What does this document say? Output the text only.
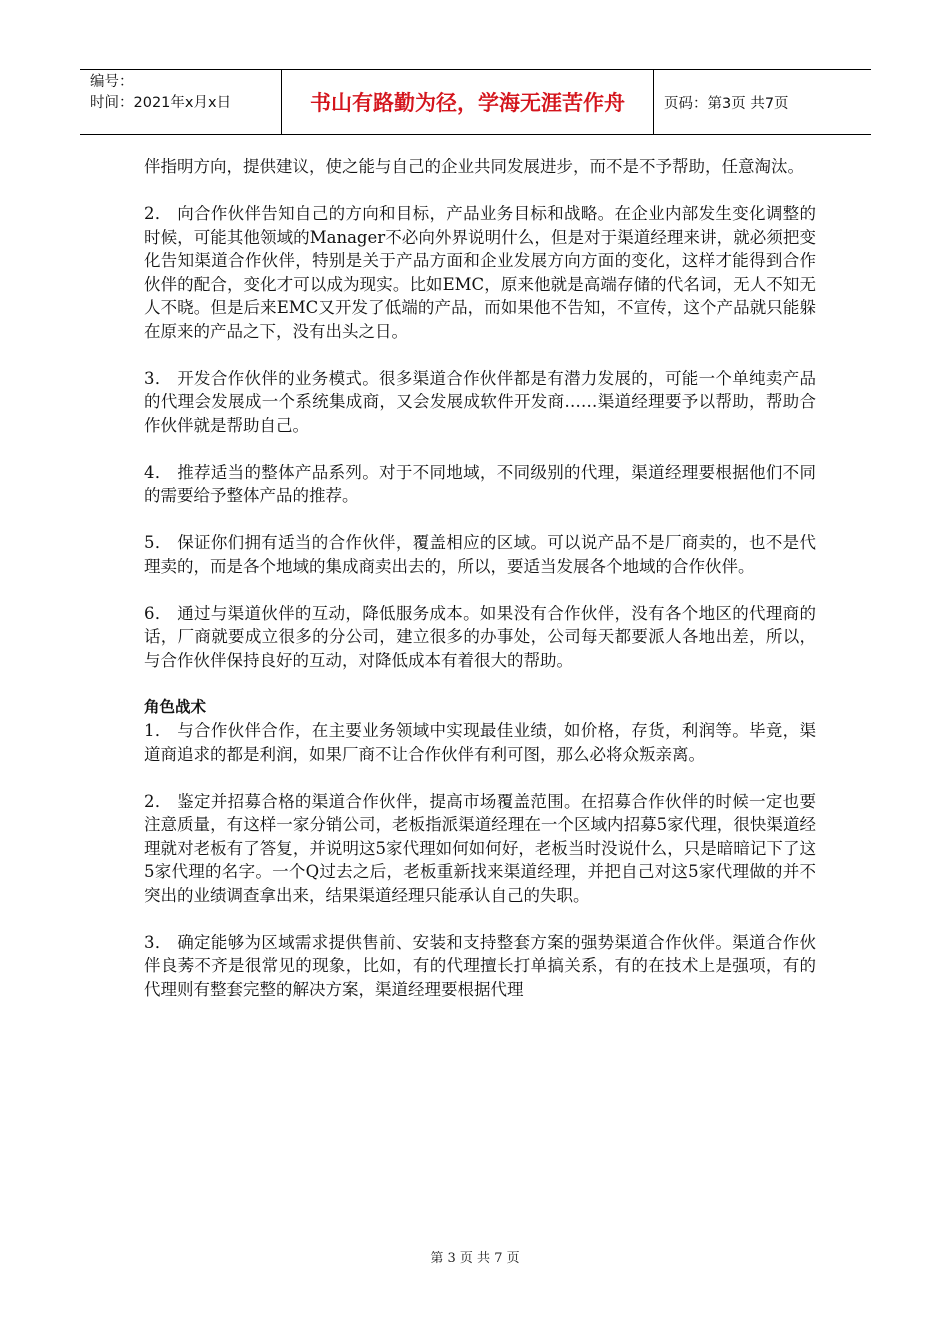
编号：
时间：2021年x月x日	书山有路勤为径，学海无涯苦作舟	页码：第3页 共7页

伴指明方向，提供建议，使之能与自己的企业共同发展进步，而不是不予帮助，任意淘汰。

2． 向合作伙伴告知自己的方向和目标，产品业务目标和战略。在企业内部发生变化调整的时候，可能其他领域的Manager不必向外界说明什么，但是对于渠道经理来讲，就必须把变化告知渠道合作伙伴，特别是关于产品方面和企业发展方向方面的变化，这样才能得到合作伙伴的配合，变化才可以成为现实。比如EMC，原来他就是高端存储的代名词，无人不知无人不晓。但是后来EMC又开发了低端的产品，而如果他不告知，不宣传，这个产品就只能躲在原来的产品之下，没有出头之日。

3． 开发合作伙伴的业务模式。很多渠道合作伙伴都是有潜力发展的，可能一个单纯卖产品的代理会发展成一个系统集成商，又会发展成软件开发商……渠道经理要予以帮助，帮助合作伙伴就是帮助自己。

4． 推荐适当的整体产品系列。对于不同地域，不同级别的代理，渠道经理要根据他们不同的需要给予整体产品的推荐。

5． 保证你们拥有适当的合作伙伴，覆盖相应的区域。可以说产品不是厂商卖的，也不是代理卖的，而是各个地域的集成商卖出去的，所以，要适当发展各个地域的合作伙伴。

6． 通过与渠道伙伴的互动，降低服务成本。如果没有合作伙伴，没有各个地区的代理商的话，厂商就要成立很多的分公司，建立很多的办事处，公司每天都要派人各地出差，所以，与合作伙伴保持良好的互动，对降低成本有着很大的帮助。

角色战术

1． 与合作伙伴合作，在主要业务领域中实现最佳业绩，如价格，存货，利润等。毕竟，渠道商追求的都是利润，如果厂商不让合作伙伴有利可图，那么必将众叛亲离。

2． 鉴定并招募合格的渠道合作伙伴，提高市场覆盖范围。在招募合作伙伴的时候一定也要注意质量，有这样一家分销公司，老板指派渠道经理在一个区域内招募5家代理，很快渠道经理就对老板有了答复，并说明这5家代理如何如何好，老板当时没说什么，只是暗暗记下了这5家代理的名字。一个Q过去之后，老板重新找来渠道经理，并把自己对这5家代理做的并不突出的业绩调查拿出来，结果渠道经理只能承认自己的失职。

3． 确定能够为区域需求提供售前、安装和支持整套方案的强势渠道合作伙伴。渠道合作伙伴良莠不齐是很常见的现象，比如，有的代理擅长打单搞关系，有的在技术上是强项，有的代理则有整套完整的解决方案，渠道经理要根据代理

第 3 页 共 7 页
